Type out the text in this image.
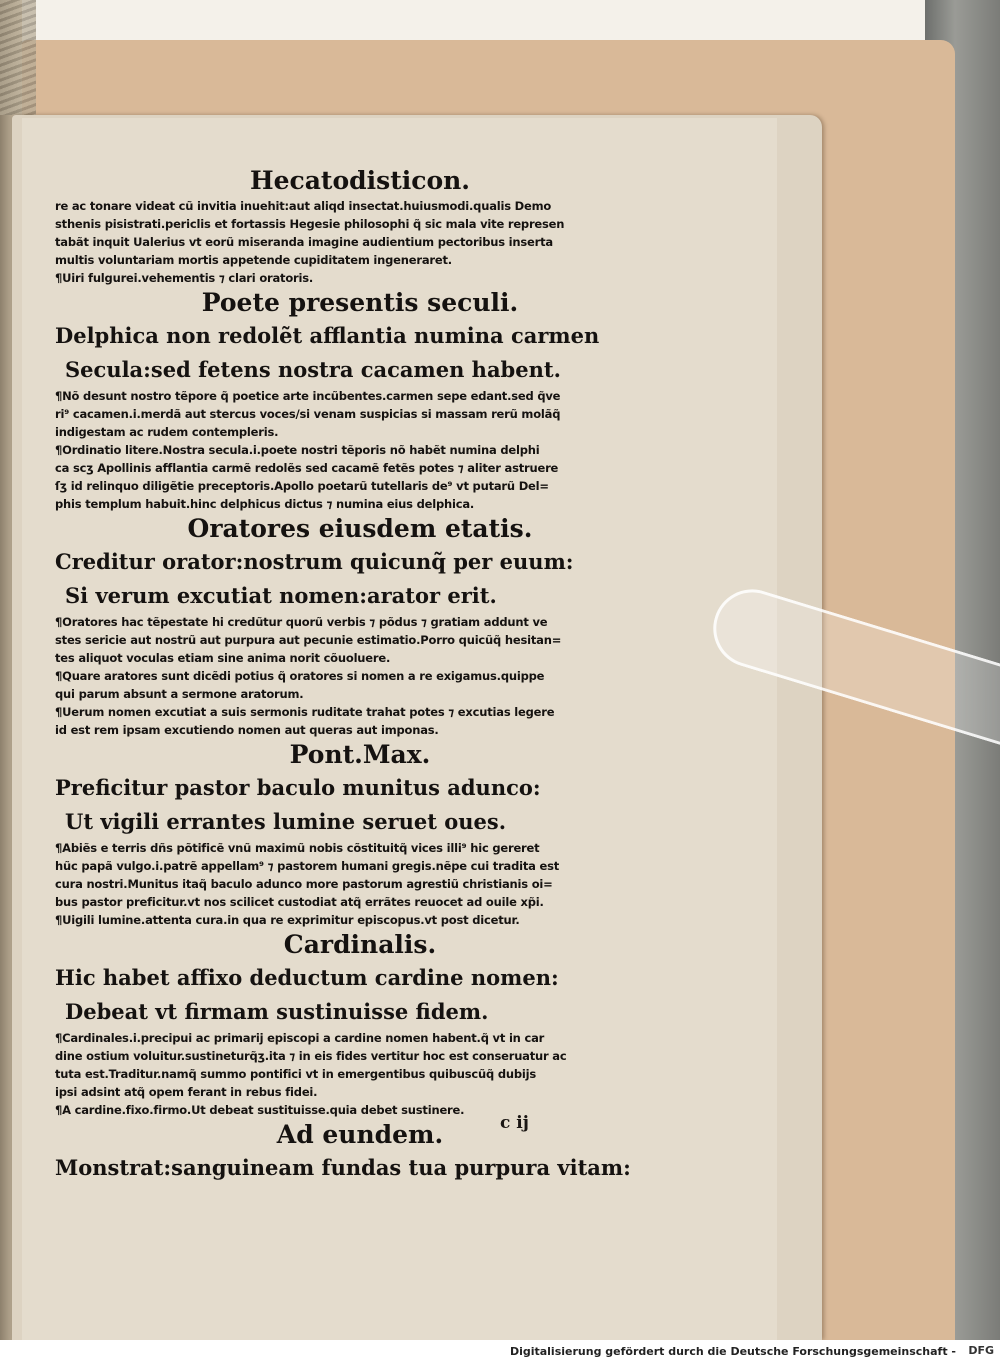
Hecatodisticon.
re ac tonare videat cũ invitia inuehit:aut aliqd insectat.huiusmodi.qualis Demo
sthenis pisistrati.periclis et fortassis Hegesie philosophi q̃ sic mala vite represen
tabãt inquit Ualerius vt eorũ miseranda imagine audientium pectoribus inserta
multis voluntariam mortis appetende cupiditatem ingeneraret.
¶Uiri fulgurei.vehementis ⁊ clari oratoris.
Poete presentis seculi.
Delphica non redolẽt afflantia numina carmen
Secula:sed fetens nostra cacamen habent.
¶Nõ desunt nostro tẽpore q̃ poetice arte incũbentes.carmen sepe edant.sed q̃ve
ri⁹ cacamen.i.merdã aut stercus voces/si venam suspicias si massam rerũ molãq̃
indigestam ac rudem contempleris.
¶Ordinatio litere.Nostra secula.i.poete nostri tẽporis nõ habẽt numina delphi
ca scʒ Apollinis afflantia carmẽ redolẽs sed cacamẽ fetẽs potes ⁊ aliter astruere
ſʒ id relinquo diligẽtie preceptoris.Apollo poetarũ tutellaris de⁹ vt putarũ Del=
phis templum habuit.hinc delphicus dictus ⁊ numina eius delphica.
Oratores eiusdem etatis.
Creditur orator:nostrum quicunq̃ per euum:
Si verum excutiat nomen:arator erit.
¶Oratores hac tẽpestate hi credũtur quorũ verbis ⁊ põdus ⁊ gratiam addunt ve
stes sericie aut nostrũ aut purpura aut pecunie estimatio.Porro quicũq̃ hesitan=
tes aliquot voculas etiam sine anima norit cõuoluere.
¶Quare aratores sunt dicẽdi potius q̃ oratores si nomen a re exigamus.quippe
qui parum absunt a sermone aratorum.
¶Uerum nomen excutiat a suis sermonis ruditate trahat potes ⁊ excutias legere
id est rem ipsam excutiendo nomen aut queras aut imponas.
Pont.Max.
Preficitur pastor baculo munitus adunco:
Ut vigili errantes lumine seruet oues.
¶Abiẽs e terris dñs põtificẽ vnũ maximũ nobis cõstituitq̃ vices illi⁹ hic gereret
hũc papã vulgo.i.patrẽ appellam⁹ ⁊ pastorem humani gregis.nẽpe cui tradita est
cura nostri.Munitus itaq̃ baculo adunco more pastorum agrestiũ christianis oi=
bus pastor preficitur.vt nos scilicet custodiat atq̃ errãtes reuocet ad ouile xp̃i.
¶Uigili lumine.attenta cura.in qua re exprimitur episcopus.vt post dicetur.
Cardinalis.
Hic habet affixo deductum cardine nomen:
Debeat vt firmam sustinuisse fidem.
¶Cardinales.i.precipui ac primarij episcopi a cardine nomen habent.q̃ vt in car
dine ostium voluitur.sustineturq̃ʒ.ita ⁊ in eis fides vertitur hoc est conseruatur ac
tuta est.Traditur.namq̃ summo pontifici vt in emergentibus quibuscũq̃ dubijs
ipsi adsint atq̃ opem ferant in rebus fidei.
¶A cardine.fixo.firmo.Ut debeat sustituisse.quia debet sustinere.
Ad eundem.
Monstrat:sanguineam fundas tua purpura vitam:
c ij
Digitalisierung gefördert durch die Deutsche Forschungsgemeinschaft - DFG
